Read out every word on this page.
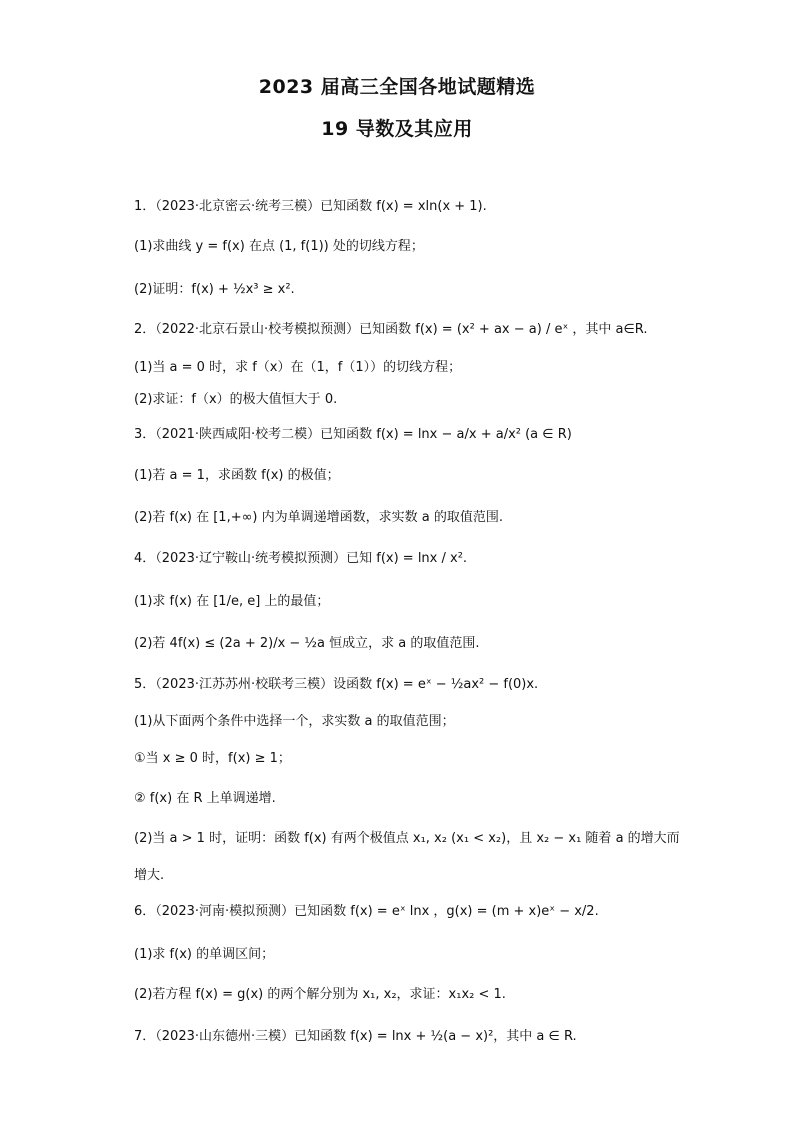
2023 届高三全国各地试题精选
19 导数及其应用
1．（2023·北京密云·统考三模）已知函数 f(x) = xln(x + 1).
(1)求曲线 y = f(x) 在点 (1, f(1)) 处的切线方程；
(2)证明：f(x) + ½x³ ≥ x².
2．（2022·北京石景山·校考模拟预测）已知函数 f(x) = (x² + ax − a) / eˣ ，其中 a∈R.
(1)当 a = 0 时，求 f（x）在（1，f（1））的切线方程；
(2)求证：f（x）的极大值恒大于 0.
3．（2021·陕西咸阳·校考二模）已知函数 f(x) = lnx − a/x + a/x² (a ∈ R)
(1)若 a = 1，求函数 f(x) 的极值；
(2)若 f(x) 在 [1,+∞) 内为单调递增函数，求实数 a 的取值范围.
4．（2023·辽宁鞍山·统考模拟预测）已知 f(x) = lnx / x².
(1)求 f(x) 在 [1/e, e] 上的最值；
(2)若 4f(x) ≤ (2a + 2)/x − ½a 恒成立，求 a 的取值范围.
5．（2023·江苏苏州·校联考三模）设函数 f(x) = eˣ − ½ax² − f(0)x.
(1)从下面两个条件中选择一个，求实数 a 的取值范围；
①当 x ≥ 0 时，f(x) ≥ 1；
② f(x) 在 R 上单调递增.
(2)当 a > 1 时，证明：函数 f(x) 有两个极值点 x₁, x₂ (x₁ < x₂)，且 x₂ − x₁ 随着 a 的增大而
增大.
6．（2023·河南·模拟预测）已知函数 f(x) = eˣ lnx ，g(x) = (m + x)eˣ − x/2.
(1)求 f(x) 的单调区间；
(2)若方程 f(x) = g(x) 的两个解分别为 x₁, x₂，求证：x₁x₂ < 1.
7．（2023·山东德州·三模）已知函数 f(x) = lnx + ½(a − x)²，其中 a ∈ R.
